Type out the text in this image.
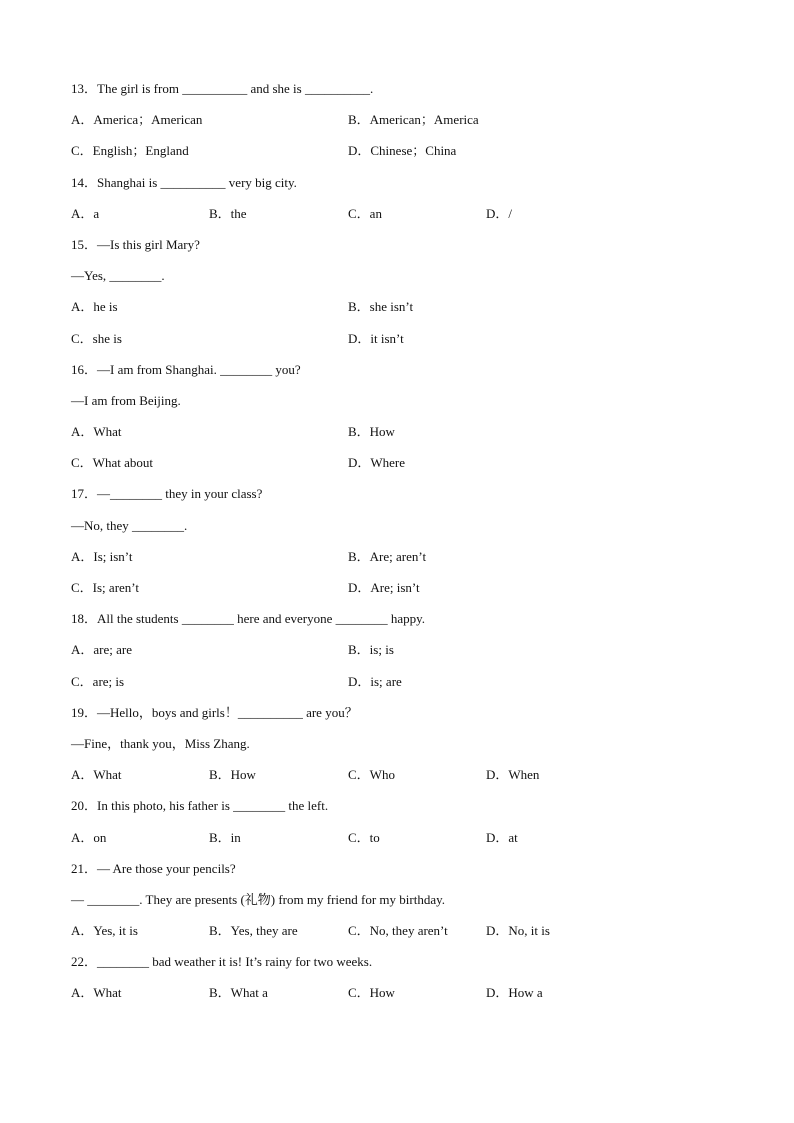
13．The girl is from __________ and she is __________.
A．America；American	B．American；America
C．English；England	D．Chinese；China
14．Shanghai is __________ very big city.
A．a	B．the	C．an	D．/
15．—Is this girl Mary?
—Yes, ________.
A．he is	B．she isn’t
C．she is	D．it isn’t
16．—I am from Shanghai. ________ you?
—I am from Beijing.
A．What	B．How
C．What about	D．Where
17．—________ they in your class?
—No, they ________.
A．Is; isn’t	B．Are; aren’t
C．Is; aren’t	D．Are; isn’t
18．All the students ________ here and everyone ________ happy.
A．are; are	B．is; is
C．are; is	D．is; are
19．—Hello，boys and girls！__________ are you？
—Fine，thank you，Miss Zhang.
A．What	B．How	C．Who	D．When
20．In this photo, his father is ________ the left.
A．on	B．in	C．to	D．at
21．— Are those your pencils?
— ________. They are presents (礼物) from my friend for my birthday.
A．Yes, it is	B．Yes, they are	C．No, they aren’t	D．No, it is
22．________ bad weather it is! It’s rainy for two weeks.
A．What	B．What a	C．How	D．How a
